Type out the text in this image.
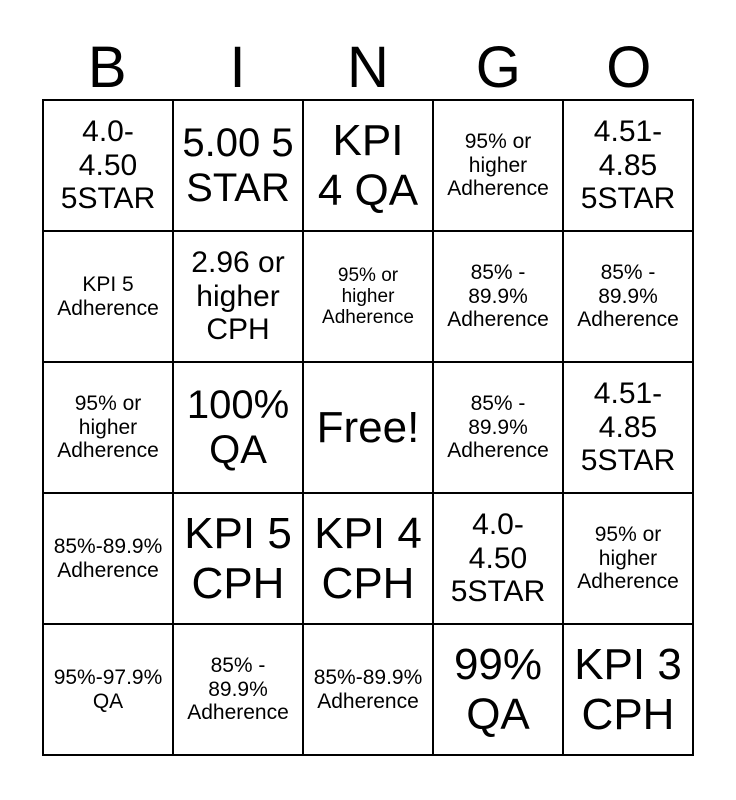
B	I	N	G	O
4.0-
4.50
5STAR	5.00 5
STAR	KPI
4 QA	95% or
higher
Adherence	4.51-
4.85
5STAR

KPI 5
Adherence	2.96 or
higher
CPH	95% or
higher
Adherence	85% -
89.9%
Adherence	85% -
89.9%
Adherence

95% or
higher
Adherence	100%
QA	Free!	85% -
89.9%
Adherence	4.51-
4.85
5STAR

85%-89.9%
Adherence	KPI 5
CPH	KPI 4
CPH	4.0-
4.50
5STAR	95% or
higher
Adherence

95%-97.9%
QA	85% -
89.9%
Adherence	85%-89.9%
Adherence	99%
QA	KPI 3
CPH
